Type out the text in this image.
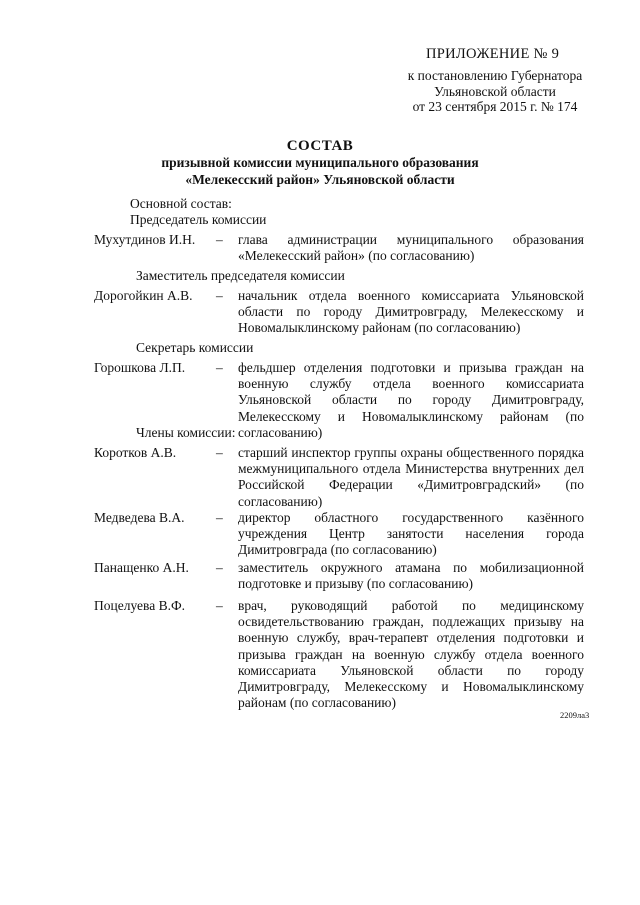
ПРИЛОЖЕНИЕ № 9
к постановлению Губернатора
Ульяновской области
от 23 сентября 2015 г. № 174
СОСТАВ
призывной комиссии муниципального образования
«Мелекесский район» Ульяновской области
Основной состав:
Председатель комиссии
Мухутдинов И.Н. – глава администрации муниципального образования «Мелекесский район» (по согласованию)
Заместитель председателя комиссии
Дорогойкин А.В. – начальник отдела военного комиссариата Ульяновской области по городу Димитровграду, Мелекесскому и Новомалыклинскому районам (по согласованию)
Секретарь комиссии
Горошкова Л.П. – фельдшер отделения подготовки и призыва граждан на военную службу отдела военного комиссариата Ульяновской области по городу Димитровграду, Мелекесскому и Новомалыклинскому районам (по согласованию)
Члены комиссии:
Коротков А.В.	– старший инспектор группы охраны общественного порядка межмуниципального отдела Министерства внутренних дел Российской Федерации «Димитровградский» (по согласованию)
Медведева В.А. – директор областного государственного казённого учреждения Центр занятости населения города Димитровграда (по согласованию)
Панащенко А.Н. – заместитель окружного атамана по мобилизационной подготовке и призыву (по согласованию)
Поцелуева В.Ф. – врач, руководящий работой по медицинскому освидетельствованию граждан, подлежащих призыву на военную службу, врач-терапевт отделения подготовки и призыва граждан на военную службу отдела военного комиссариата Ульяновской области по городу Димитровграду, Мелекесскому и Новомалыклинскому районам (по согласованию)
2209ла3
